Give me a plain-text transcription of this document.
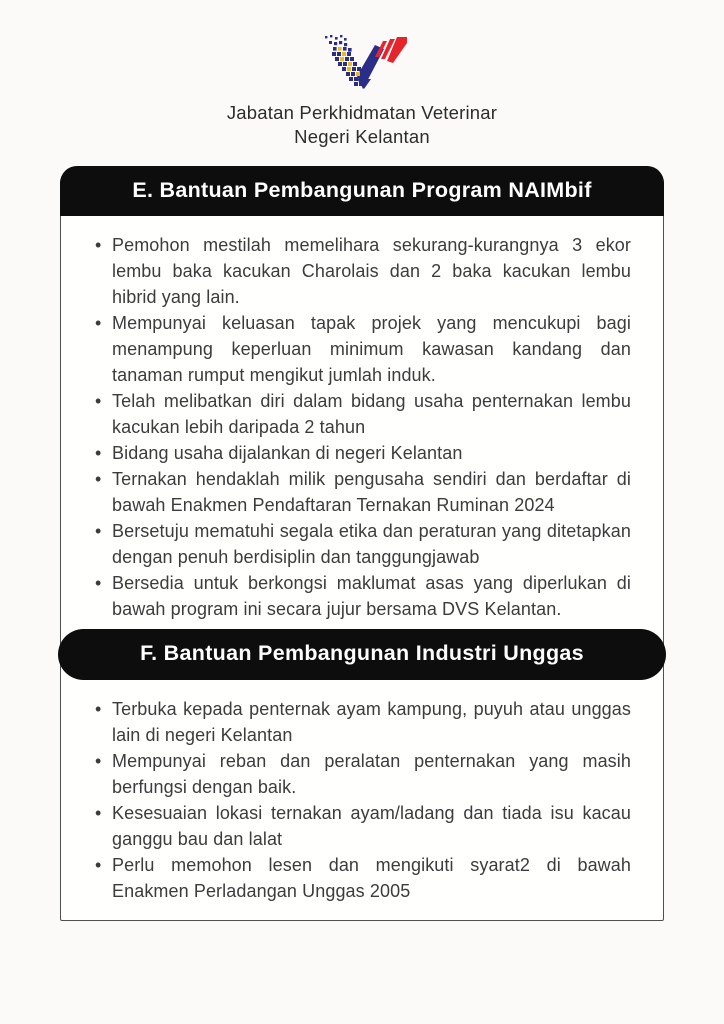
Jabatan Perkhidmatan Veterinar
Negeri Kelantan
E. Bantuan Pembangunan Program NAIMbif
• Pemohon mestilah memelihara sekurang-kurangnya 3 ekor lembu baka kacukan Charolais dan 2 baka kacukan lembu hibrid yang lain.
• Mempunyai keluasan tapak projek yang mencukupi bagi menampung keperluan minimum kawasan kandang dan tanaman rumput mengikut jumlah induk.
• Telah melibatkan diri dalam bidang usaha penternakan lembu kacukan lebih daripada 2 tahun
• Bidang usaha dijalankan di negeri Kelantan
• Ternakan hendaklah milik pengusaha sendiri dan berdaftar di bawah Enakmen Pendaftaran Ternakan Ruminan 2024
• Bersetuju mematuhi segala etika dan peraturan yang ditetapkan dengan penuh berdisiplin dan tanggungjawab
• Bersedia untuk berkongsi maklumat asas yang diperlukan di bawah program ini secara jujur bersama DVS Kelantan.
F. Bantuan Pembangunan Industri Unggas
• Terbuka kepada penternak ayam kampung, puyuh atau unggas lain di negeri Kelantan
• Mempunyai reban dan peralatan penternakan yang masih berfungsi dengan baik.
• Kesesuaian lokasi ternakan ayam/ladang dan tiada isu kacau ganggu bau dan lalat
• Perlu memohon lesen dan mengikuti syarat2 di bawah Enakmen Perladangan Unggas 2005
